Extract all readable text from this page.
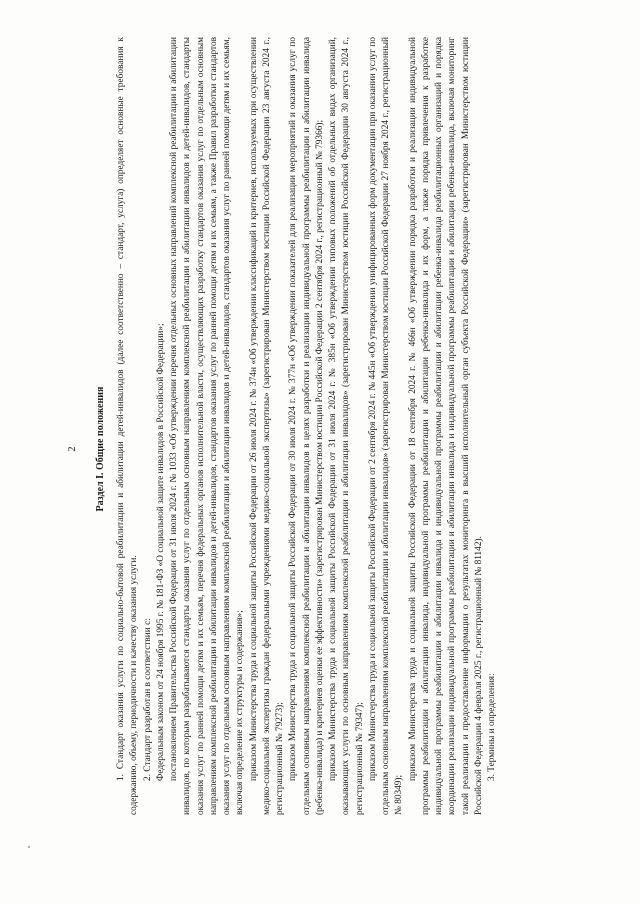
2 Раздел I. Общие положения 1. Стандарт оказания услуги по социально-бытовой реабилитации и абилитации детей-инвалидов (далее соответственно – стандарт, услуга) определяет основные требования к содержанию, объему, периодичности и качеству оказания услуги. 2. Стандарт разработан в соответствии с: Федеральным законом от 24 ноября 1995 г. № 181-ФЗ «О социальной защите инвалидов в Российской Федерации»; постановлением Правительства Российской Федерации от 31 июля 2024 г. № 1033 «Об утверждении перечня отдельных основных направлений комплексной реабилитации и абилитации инвалидов, по которым разрабатываются стандарты оказания услуг по отдельным основным направлениям комплексной реабилитации и абилитации инвалидов и детей-инвалидов, стандарты оказания услуг по ранней помощи детям и их семьям, перечня федеральных органов исполнительной власти, осуществляющих разработку стандартов оказания услуг по отдельным основным направлениям комплексной реабилитации и абилитации инвалидов и детей-инвалидов, стандартов оказания услуг по ранней помощи детям и их семьям, а также Правил разработки стандартов оказания услуг по отдельным основным направлениям комплексной реабилитации и абилитации инвалидов и детей-инвалидов, стандартов оказания услуг по ранней помощи детям и их семьям, включая определение их структуры и содержания»; приказом Министерства труда и социальной защиты Российской Федерации от 26 июля 2024 г. № 374н «Об утверждении классификаций и критериев, используемых при осуществлении медико-социальной экспертизы граждан федеральными учреждениями медико-социальной экспертизы» (зарегистрирован Министерством юстиции Российской Федерации 23 августа 2024 г., регистрационный № 79273); приказом Министерства труда и социальной защиты Российской Федерации от 30 июля 2024 г. № 377н «Об утверждении показателей для реализации мероприятий и оказания услуг по отдельным основным направлениям комплексной реабилитации и абилитации инвалидов в целях разработки и реализации индивидуальной программы реабилитации и абилитации инвалида (ребенка-инвалида) и критериев оценки ее эффективности» (зарегистрирован Министерством юстиции Российской Федерации 2 сентября 2024 г., регистрационный № 79366); приказом Министерства труда и социальной защиты Российской Федерации от 31 июля 2024 г. № 385н «Об утверждении типовых положений об отдельных видах организаций, оказывающих услуги по основным направлениям комплексной реабилитации и абилитации инвалидов» (зарегистрирован Министерством юстиции Российской Федерации 30 августа 2024 г., регистрационный № 79347); приказом Министерства труда и социальной защиты Российской Федерации от 2 сентября 2024 г. № 445н «Об утверждении унифицированных форм документации при оказании услуг по отдельным основным направлениям комплексной реабилитации и абилитации инвалидов» (зарегистрирован Министерством юстиции Российской Федерации 27 ноября 2024 г., регистрационный № 80349);

приказом Министерства труда и социальной защиты Российской Федерации от 18 сентября 2024 г. № 466н «Об утверждении порядка разработки и реализации индивидуальной программы реабилитации и абилитации инвалида, индивидуальной программы реабилитации и абилитации ребенка-инвалида и их форм, а также порядка привлечения к разработке индивидуальной программы реабилитации и абилитации инвалида и индивидуальной программы реабилитации и абилитации ребенка-инвалида реабилитационных организаций и порядка координации реализации индивидуальной программы реабилитации и абилитации инвалида и индивидуальной программы реабилитации и абилитации ребенка-инвалида, включая мониторинг такой реализации и предоставление информации о результатах мониторинга в высший исполнительный орган субъекта Российской Федерации» (зарегистрирован Министерством юстиции Российской Федерации 4 февраля 2025 г., регистрационный № 81142). 3. Термины и определения:
